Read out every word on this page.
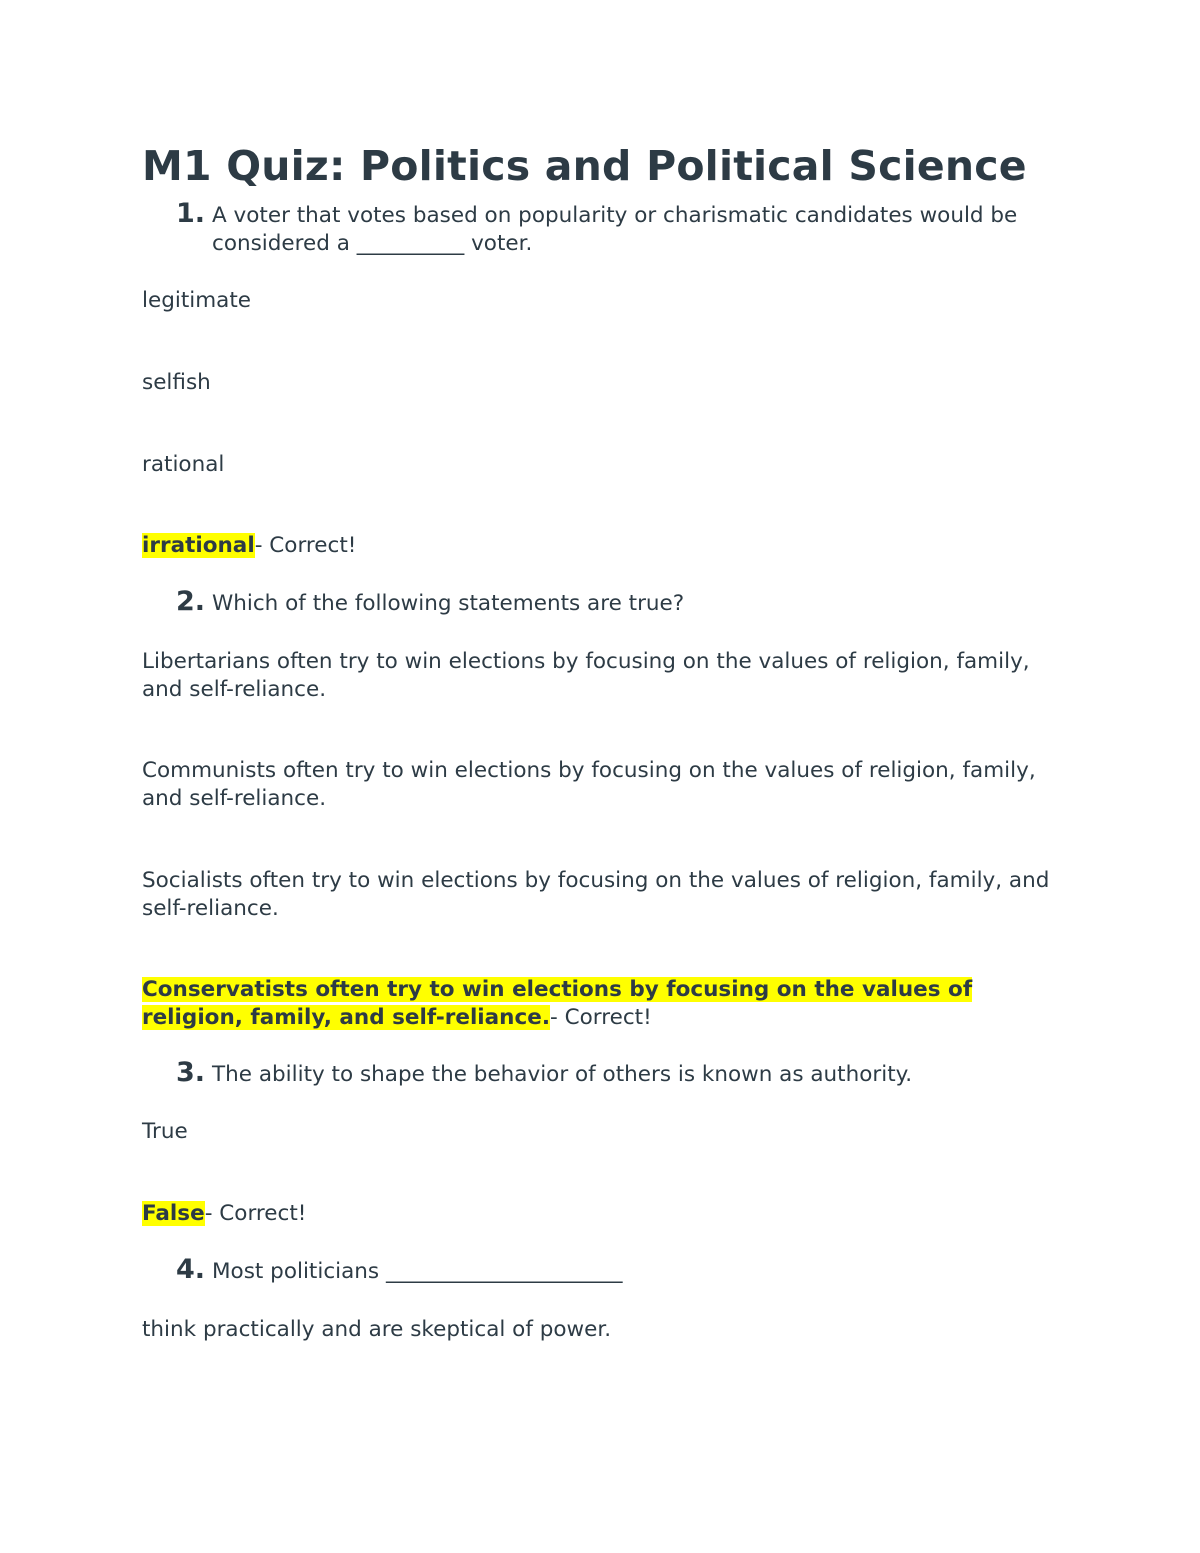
M1 Quiz: Politics and Political Science
1. A voter that votes based on popularity or charismatic candidates would be considered a __________ voter.

legitimate

selfish

rational

irrational- Correct!

2. Which of the following statements are true?

Libertarians often try to win elections by focusing on the values of religion, family, and self-reliance.

Communists often try to win elections by focusing on the values of religion, family, and self-reliance.

Socialists often try to win elections by focusing on the values of religion, family, and self-reliance.

Conservatists often try to win elections by focusing on the values of
religion, family, and self-reliance.- Correct!

3. The ability to shape the behavior of others is known as authority.

True

False- Correct!

4. Most politicians ______________________

think practically and are skeptical of power.
